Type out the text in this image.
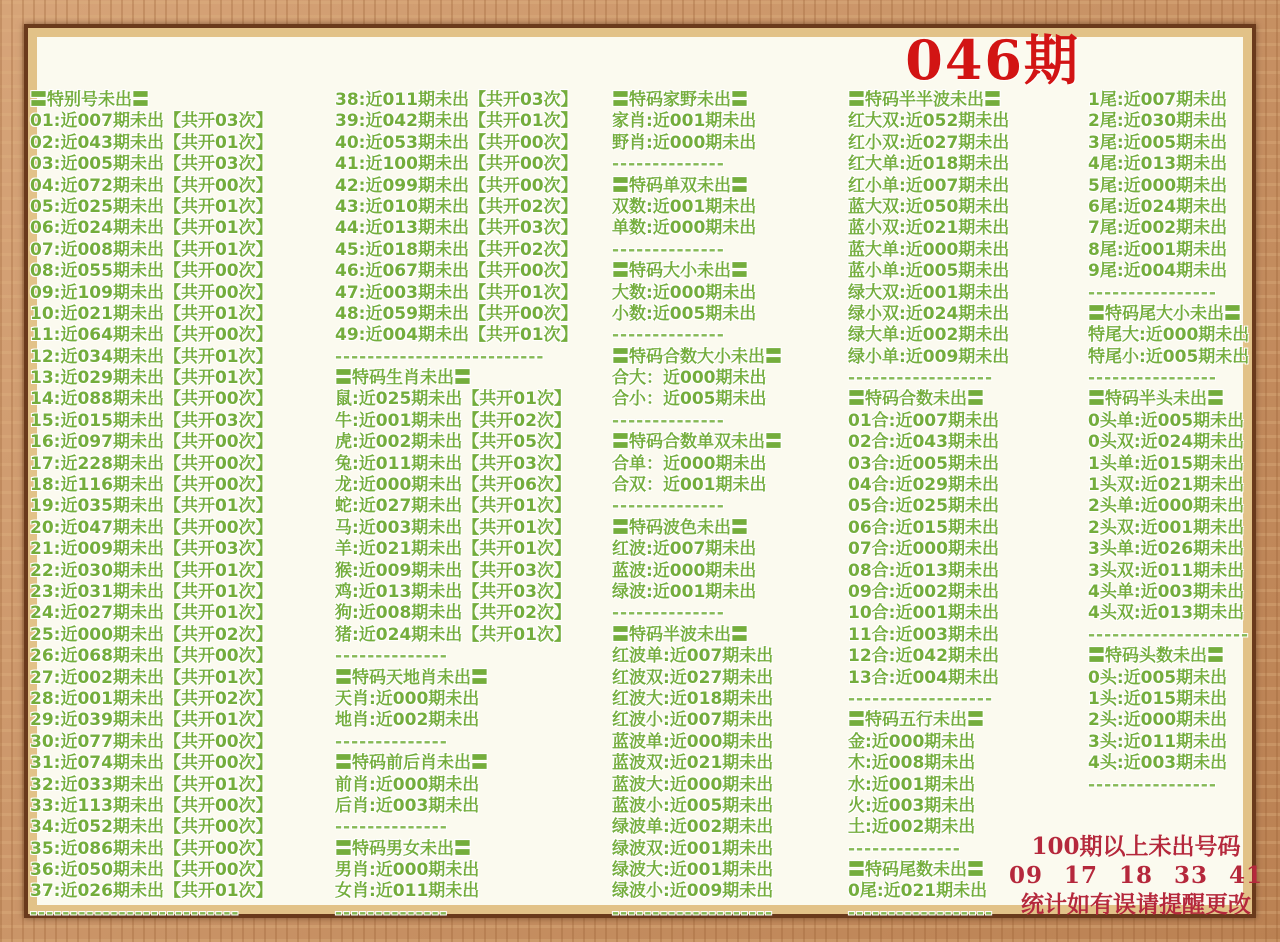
046期
〓特别号未出〓
01:近007期未出【共开03次】
02:近043期未出【共开01次】
03:近005期未出【共开03次】
04:近072期未出【共开00次】
05:近025期未出【共开01次】
06:近024期未出【共开01次】
07:近008期未出【共开01次】
08:近055期未出【共开00次】
09:近109期未出【共开00次】
10:近021期未出【共开01次】
11:近064期未出【共开00次】
12:近034期未出【共开01次】
13:近029期未出【共开01次】
14:近088期未出【共开00次】
15:近015期未出【共开03次】
16:近097期未出【共开00次】
17:近228期未出【共开00次】
18:近116期未出【共开00次】
19:近035期未出【共开01次】
20:近047期未出【共开00次】
21:近009期未出【共开03次】
22:近030期未出【共开01次】
23:近031期未出【共开01次】
24:近027期未出【共开01次】
25:近000期未出【共开02次】
26:近068期未出【共开00次】
27:近002期未出【共开01次】
28:近001期未出【共开02次】
29:近039期未出【共开01次】
30:近077期未出【共开00次】
31:近074期未出【共开00次】
32:近033期未出【共开01次】
33:近113期未出【共开00次】
34:近052期未出【共开00次】
35:近086期未出【共开00次】
36:近050期未出【共开00次】
37:近026期未出【共开01次】
--------------------------
38:近011期未出【共开03次】
39:近042期未出【共开01次】
40:近053期未出【共开00次】
41:近100期未出【共开00次】
42:近099期未出【共开00次】
43:近010期未出【共开02次】
44:近013期未出【共开03次】
45:近018期未出【共开02次】
46:近067期未出【共开00次】
47:近003期未出【共开01次】
48:近059期未出【共开00次】
49:近004期未出【共开01次】
--------------------------
〓特码生肖未出〓
鼠:近025期未出【共开01次】
牛:近001期未出【共开02次】
虎:近002期未出【共开05次】
兔:近011期未出【共开03次】
龙:近000期未出【共开06次】
蛇:近027期未出【共开01次】
马:近003期未出【共开01次】
羊:近021期未出【共开01次】
猴:近009期未出【共开03次】
鸡:近013期未出【共开03次】
狗:近008期未出【共开02次】
猪:近024期未出【共开01次】
--------------
〓特码天地肖未出〓
天肖:近000期未出
地肖:近002期未出
--------------
〓特码前后肖未出〓
前肖:近000期未出
后肖:近003期未出
--------------
〓特码男女未出〓
男肖:近000期未出
女肖:近011期未出
--------------
〓特码家野未出〓
家肖:近001期未出
野肖:近000期未出
--------------
〓特码单双未出〓
双数:近001期未出
单数:近000期未出
--------------
〓特码大小未出〓
大数:近000期未出
小数:近005期未出
--------------
〓特码合数大小未出〓
合大：近000期未出
合小：近005期未出
--------------
〓特码合数单双未出〓
合单：近000期未出
合双：近001期未出
--------------
〓特码波色未出〓
红波:近007期未出
蓝波:近000期未出
绿波:近001期未出
--------------
〓特码半波未出〓
红波单:近007期未出
红波双:近027期未出
红波大:近018期未出
红波小:近007期未出
蓝波单:近000期未出
蓝波双:近021期未出
蓝波大:近000期未出
蓝波小:近005期未出
绿波单:近002期未出
绿波双:近001期未出
绿波大:近001期未出
绿波小:近009期未出
--------------------
〓特码半半波未出〓
红大双:近052期未出
红小双:近027期未出
红大单:近018期未出
红小单:近007期未出
蓝大双:近050期未出
蓝小双:近021期未出
蓝大单:近000期未出
蓝小单:近005期未出
绿大双:近001期未出
绿小双:近024期未出
绿大单:近002期未出
绿小单:近009期未出
------------------
〓特码合数未出〓
01合:近007期未出
02合:近043期未出
03合:近005期未出
04合:近029期未出
05合:近025期未出
06合:近015期未出
07合:近000期未出
08合:近013期未出
09合:近002期未出
10合:近001期未出
11合:近003期未出
12合:近042期未出
13合:近004期未出
------------------
〓特码五行未出〓
金:近000期未出
木:近008期未出
水:近001期未出
火:近003期未出
土:近002期未出
--------------
〓特码尾数未出〓
0尾:近021期未出
------------------
1尾:近007期未出
2尾:近030期未出
3尾:近005期未出
4尾:近013期未出
5尾:近000期未出
6尾:近024期未出
7尾:近002期未出
8尾:近001期未出
9尾:近004期未出
----------------
〓特码尾大小未出〓
特尾大:近000期未出
特尾小:近005期未出
----------------
〓特码半头未出〓
0头单:近005期未出
0头双:近024期未出
1头单:近015期未出
1头双:近021期未出
2头单:近000期未出
2头双:近001期未出
3头单:近026期未出
3头双:近011期未出
4头单:近003期未出
4头双:近013期未出
--------------------
〓特码头数未出〓
0头:近005期未出
1头:近015期未出
2头:近000期未出
3头:近011期未出
4头:近003期未出
----------------
100期以上未出号码
09 17 18 33 41
统计如有误请提醒更改
